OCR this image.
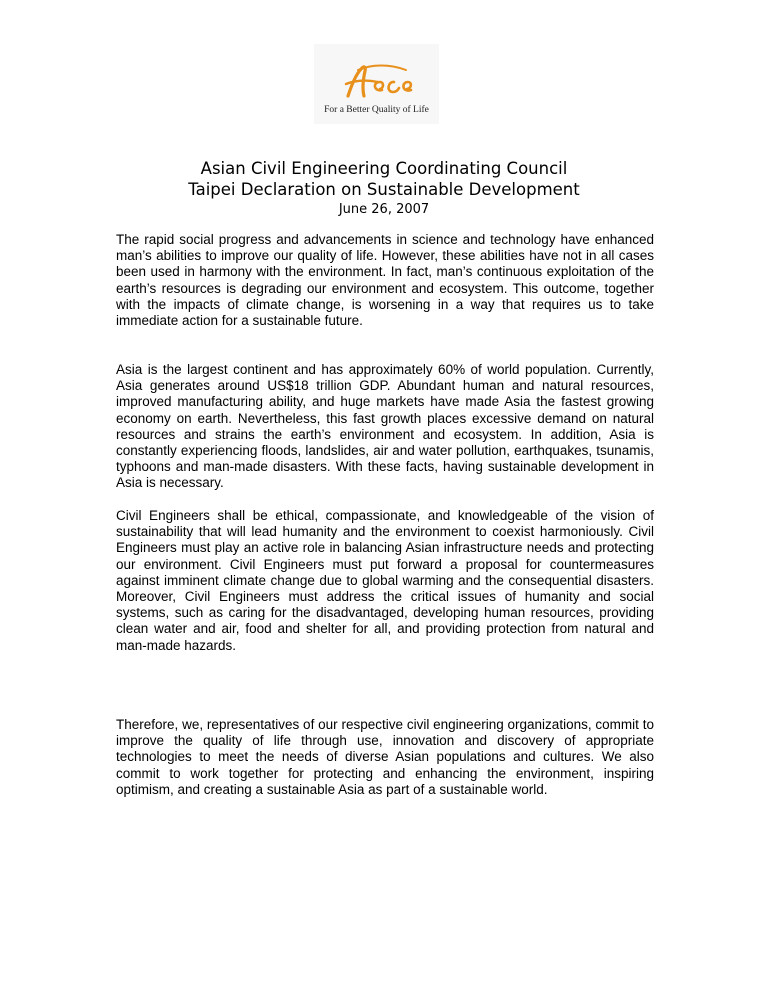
For a Better Quality of Life
Asian Civil Engineering Coordinating Council
Taipei Declaration on Sustainable Development
June 26, 2007

The rapid social progress and advancements in science and technology have enhanced man’s abilities to improve our quality of life. However, these abilities have not in all cases been used in harmony with the environment. In fact, man’s continuous exploitation of the earth’s resources is degrading our environment and ecosystem. This outcome, together with the impacts of climate change, is worsening in a way that requires us to take immediate action for a sustainable future.

Asia is the largest continent and has approximately 60% of world population. Currently, Asia generates around US$18 trillion GDP. Abundant human and natural resources, improved manufacturing ability, and huge markets have made Asia the fastest growing economy on earth. Nevertheless, this fast growth places excessive demand on natural resources and strains the earth’s environment and ecosystem. In addition, Asia is constantly experiencing floods, landslides, air and water pollution, earthquakes, tsunamis, typhoons and man-made disasters. With these facts, having sustainable development in Asia is necessary.

Civil Engineers shall be ethical, compassionate, and knowledgeable of the vision of sustainability that will lead humanity and the environment to coexist harmoniously. Civil Engineers must play an active role in balancing Asian infrastructure needs and protecting our environment. Civil Engineers must put forward a proposal for countermeasures against imminent climate change due to global warming and the consequential disasters. Moreover, Civil Engineers must address the critical issues of humanity and social systems, such as caring for the disadvantaged, developing human resources, providing clean water and air, food and shelter for all, and providing protection from natural and man-made hazards.

Therefore, we, representatives of our respective civil engineering organizations, commit to improve the quality of life through use, innovation and discovery of appropriate technologies to meet the needs of diverse Asian populations and cultures. We also commit to work together for protecting and enhancing the environment, inspiring optimism, and creating a sustainable Asia as part of a sustainable world.
